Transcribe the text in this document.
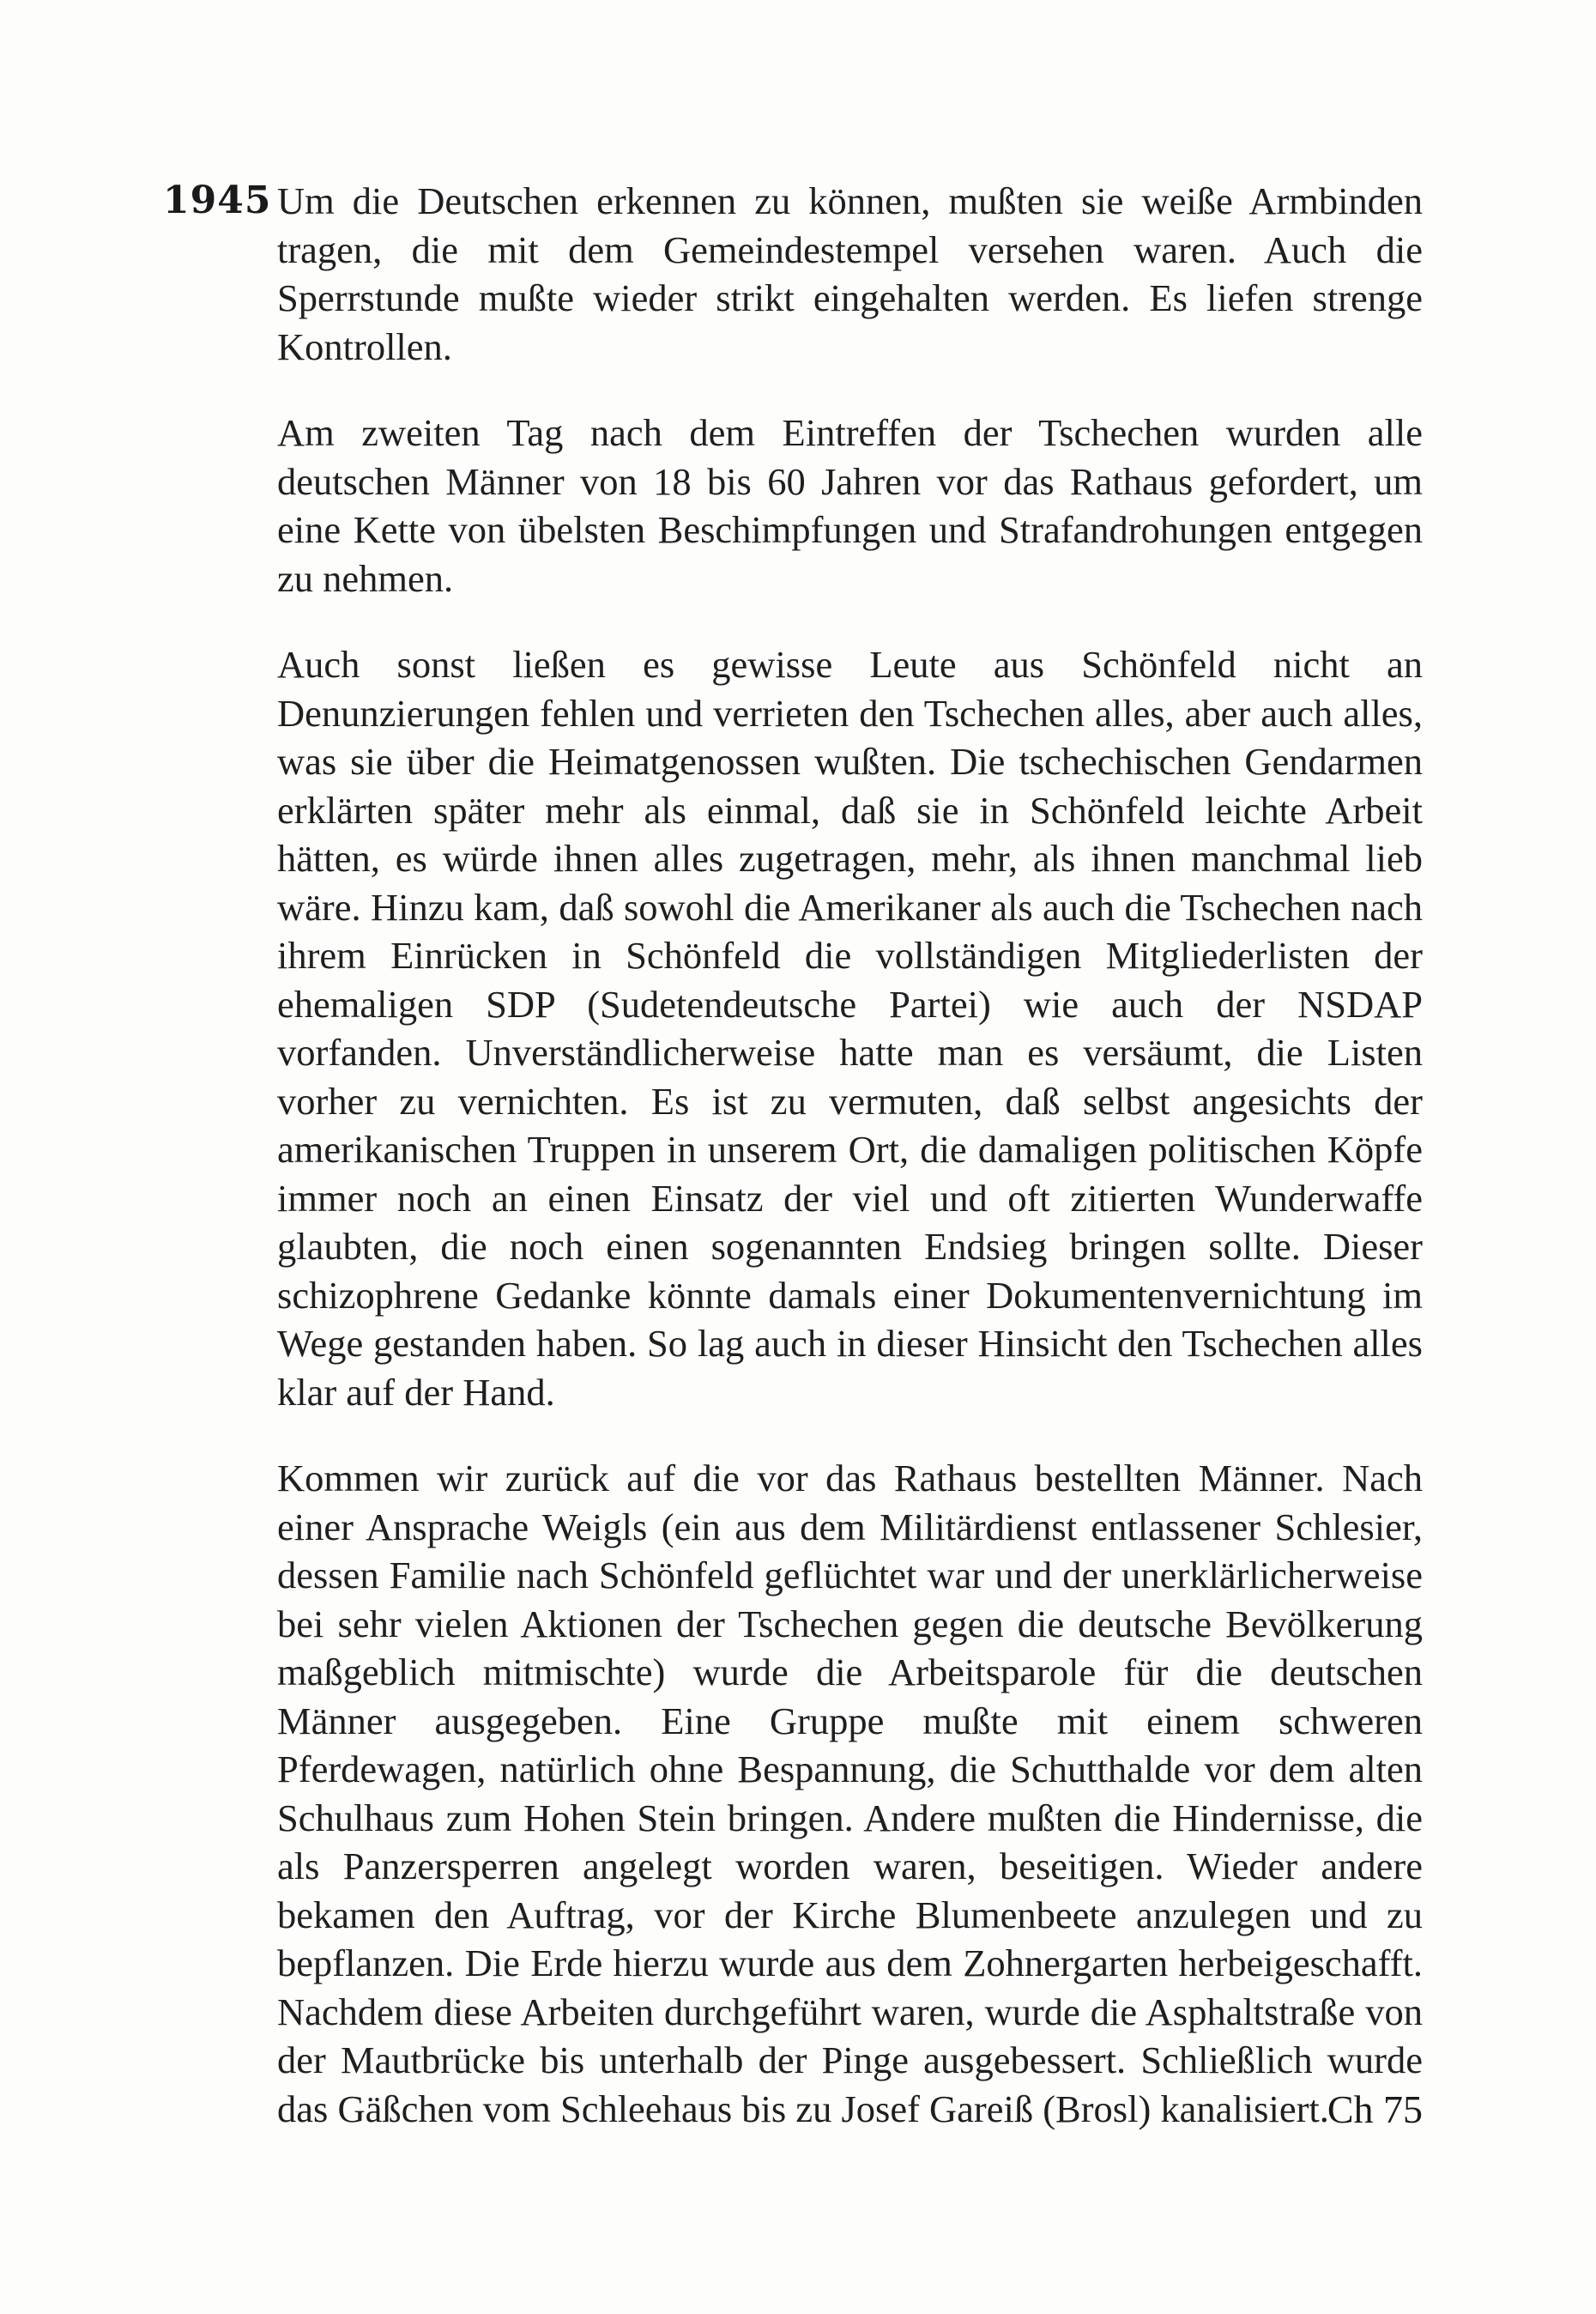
1945 Um die Deutschen erkennen zu können, mußten sie weiße Armbinden tragen, die mit dem Gemeindestempel versehen waren. Auch die Sperrstunde mußte wieder strikt eingehalten werden. Es liefen strenge Kontrollen.

Am zweiten Tag nach dem Eintreffen der Tschechen wurden alle deutschen Männer von 18 bis 60 Jahren vor das Rathaus gefordert, um eine Kette von übelsten Beschimpfungen und Strafandrohungen entgegen zu nehmen.

Auch sonst ließen es gewisse Leute aus Schönfeld nicht an Denunzierungen fehlen und verrieten den Tschechen alles, aber auch alles, was sie über die Heimatgenossen wußten. Die tschechischen Gendarmen erklärten später mehr als einmal, daß sie in Schönfeld leichte Arbeit hätten, es würde ihnen alles zugetragen, mehr, als ihnen manchmal lieb wäre. Hinzu kam, daß sowohl die Amerikaner als auch die Tschechen nach ihrem Einrücken in Schönfeld die vollständigen Mitgliederlisten der ehemaligen SDP (Sudetendeutsche Partei) wie auch der NSDAP vorfanden. Unverständlicherweise hatte man es versäumt, die Listen vorher zu vernichten. Es ist zu vermuten, daß selbst angesichts der amerikanischen Truppen in unserem Ort, die damaligen politischen Köpfe immer noch an einen Einsatz der viel und oft zitierten Wunderwaffe glaubten, die noch einen sogenannten Endsieg bringen sollte. Dieser schizophrene Gedanke könnte damals einer Dokumentenvernichtung im Wege gestanden haben. So lag auch in dieser Hinsicht den Tschechen alles klar auf der Hand.

Kommen wir zurück auf die vor das Rathaus bestellten Männer. Nach einer Ansprache Weigls (ein aus dem Militärdienst entlassener Schlesier, dessen Familie nach Schönfeld geflüchtet war und der unerklärlicherweise bei sehr vielen Aktionen der Tschechen gegen die deutsche Bevölkerung maßgeblich mitmischte) wurde die Arbeitsparole für die deutschen Männer ausgegeben. Eine Gruppe mußte mit einem schweren Pferdewagen, natürlich ohne Bespannung, die Schutthalde vor dem alten Schulhaus zum Hohen Stein bringen. Andere mußten die Hindernisse, die als Panzersperren angelegt worden waren, beseitigen. Wieder andere bekamen den Auftrag, vor der Kirche Blumenbeete anzulegen und zu bepflanzen. Die Erde hierzu wurde aus dem Zohnergarten herbeigeschafft. Nachdem diese Arbeiten durchgeführt waren, wurde die Asphaltstraße von der Mautbrücke bis unterhalb der Pinge ausgebessert. Schließlich wurde das Gäßchen vom Schleehaus bis zu Josef Gareiß (Brosl) kanalisiert.

Ch 75
